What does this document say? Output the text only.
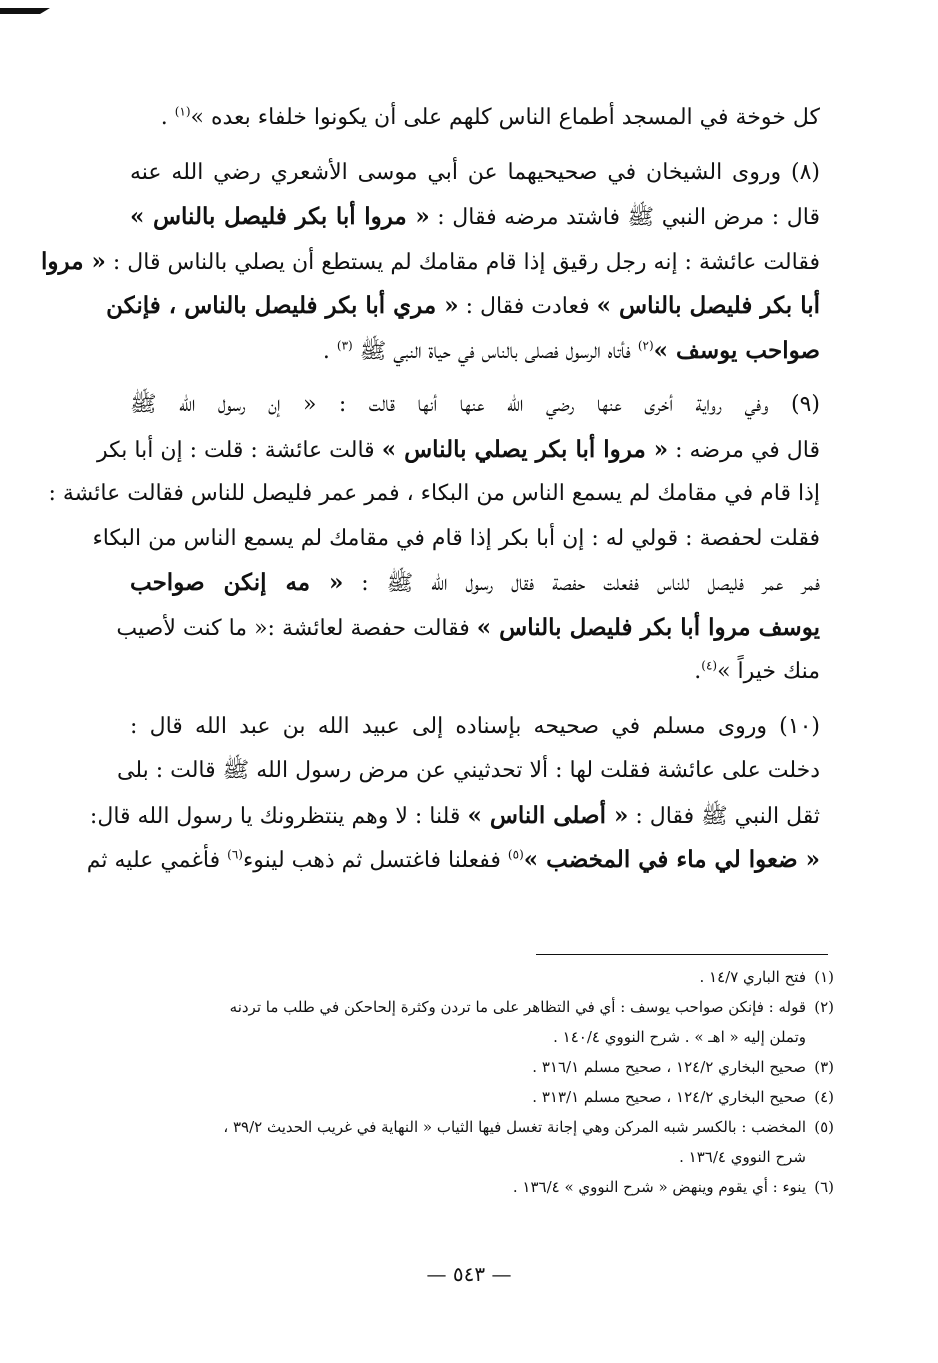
كل خوخة في المسجد أطماع الناس كلهم على أن يكونوا خلفاء بعده »$^{(١)}$ .
(٨) وروى الشيخان في صحيحيهما عن أبي موسى الأشعري رضي الله عنه
قال : مرض النبي ﷺ فاشتد مرضه فقال : « مروا أبا بكر فليصل بالناس »
فقالت عائشة : إنه رجل رقيق إذا قام مقامك لم يستطع أن يصلي بالناس قال : « مروا
أبا بكر فليصل بالناس » فعادت فقال : « مري أبا بكر فليصل بالناس ، فإنكن
صواحب يوسف »$^{(٢)}$ فأتاه الرسول فصلى بالناس في حياة النبي ﷺ $^{(٣)}$ .
(٩) وفي رواية أخرى عنها رضي الله عنها أنها قالت : « إن رسول الله ﷺ
قال في مرضه : « مروا أبا بكر يصلي بالناس » قالت عائشة : قلت : إن أبا بكر
إذا قام في مقامك لم يسمع الناس من البكاء ، فمر عمر فليصل للناس فقالت عائشة :
فقلت لحفصة : قولي له : إن أبا بكر إذا قام في مقامك لم يسمع الناس من البكاء
فمر عمر فليصل للناس ففعلت حفصة فقال رسول الله ﷺ : « مه إنكن صواحب
يوسف مروا أبا بكر فليصل بالناس » فقالت حفصة لعائشة :« ما كنت لأصيب
منك خيراً »$^{(٤)}$.
(١٠) وروى مسلم في صحيحه بإسناده إلى عبيد الله بن عبد الله قال :
دخلت على عائشة فقلت لها : ألا تحدثيني عن مرض رسول الله ﷺ قالت : بلى
ثقل النبي ﷺ فقال : « أصلى الناس » قلنا : لا وهم ينتظرونك يا رسول الله قال:
« ضعوا لي ماء في المخضب »$^{(٥)}$ ففعلنا فاغتسل ثم ذهب لينوء$^{(٦)}$ فأغمي عليه ثم
(١)فتح الباري ١٤/٧ .
(٢)قوله : فإنكن صواحب يوسف : أي في التظاهر على ما تردن وكثرة إلحاحكن في طلب ما تردنه
وتملن إليه « اهـ » . شرح النووي ١٤٠/٤ .
(٣)صحيح البخاري ١٢٤/٢ ، صحيح مسلم ٣١٦/١ .
(٤)صحيح البخاري ١٢٤/٢ ، صحيح مسلم ٣١٣/١ .
(٥)المخضب : بالكسر شبه المركن وهي إجانة تغسل فيها الثياب « النهاية في غريب الحديث ٣٩/٢ ،
شرح النووي ١٣٦/٤ .
(٦)ينوء : أي يقوم وينهض « شرح النووي » ١٣٦/٤ .
— ٥٤٣ —
